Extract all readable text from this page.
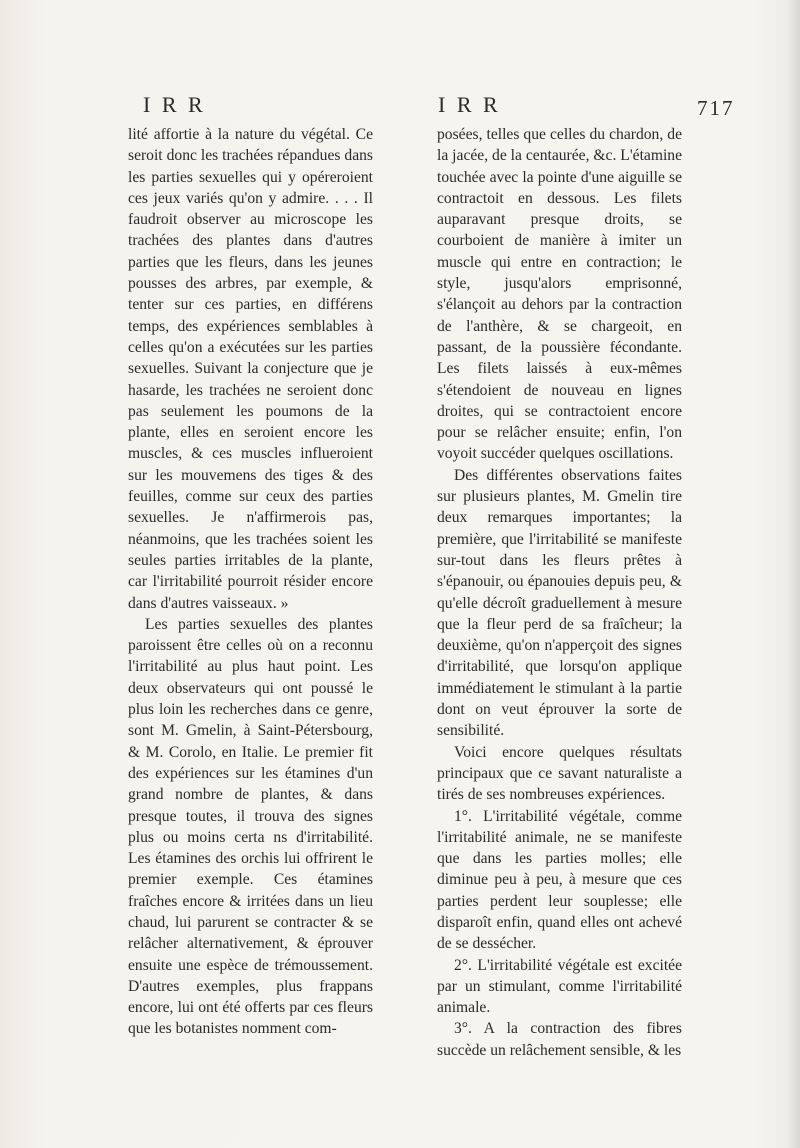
I R R	I R R	717

lité affortie à la nature du végétal. Ce seroit donc les trachées répandues dans les parties sexuelles qui y opéreroient ces jeux variés qu'on y admire. . . . Il faudroit observer au microscope les trachées des plantes dans d'autres parties que les fleurs, dans les jeunes pousses des arbres, par exemple, & tenter sur ces parties, en différens temps, des expériences semblables à celles qu'on a exécutées sur les parties sexuelles. Suivant la conjecture que je hasarde, les trachées ne seroient donc pas seulement les poumons de la plante, elles en seroient encore les muscles, & ces muscles influeroient sur les mouvemens des tiges & des feuilles, comme sur ceux des parties sexuelles. Je n'affirmerois pas, néanmoins, que les trachées soient les seules parties irritables de la plante, car l'irritabilité pourroit résider encore dans d'autres vaisseaux. »

Les parties sexuelles des plantes paroissent être celles où on a reconnu l'irritabilité au plus haut point. Les deux observateurs qui ont poussé le plus loin les recherches dans ce genre, sont M. Gmelin, à Saint-Pétersbourg, & M. Corolo, en Italie. Le premier fit des expériences sur les étamines d'un grand nombre de plantes, & dans presque toutes, il trouva des signes plus ou moins certa ns d'irritabilité. Les étamines des orchis lui offrirent le premier exemple. Ces étamines fraîches encore & irritées dans un lieu chaud, lui parurent se contracter & se relâcher alternativement, & éprouver ensuite une espèce de trémoussement. D'autres exemples, plus frappans encore, lui ont été offerts par ces fleurs que les botanistes nomment com-

posées, telles que celles du chardon, de la jacée, de la centaurée, &c. L'étamine touchée avec la pointe d'une aiguille se contractoit en dessous. Les filets auparavant presque droits, se courboient de manière à imiter un muscle qui entre en contraction; le style, jusqu'alors emprisonné, s'élançoit au dehors par la contraction de l'anthère, & se chargeoit, en passant, de la poussière fécondante. Les filets laissés à eux-mêmes s'étendoient de nouveau en lignes droites, qui se contractoient encore pour se relâcher ensuite; enfin, l'on voyoit succéder quelques oscillations.

Des différentes observations faites sur plusieurs plantes, M. Gmelin tire deux remarques importantes; la première, que l'irritabilité se manifeste sur-tout dans les fleurs prêtes à s'épanouir, ou épanouies depuis peu, & qu'elle décroît graduellement à mesure que la fleur perd de sa fraîcheur; la deuxième, qu'on n'apperçoit des signes d'irritabilité, que lorsqu'on applique immédiatement le stimulant à la partie dont on veut éprouver la sorte de sensibilité.

Voici encore quelques résultats principaux que ce savant naturaliste a tirés de ses nombreuses expériences.

1°. L'irritabilité végétale, comme l'irritabilité animale, ne se manifeste que dans les parties molles; elle diminue peu à peu, à mesure que ces parties perdent leur souplesse; elle disparoît enfin, quand elles ont achevé de se dessécher.

2°. L'irritabilité végétale est excitée par un stimulant, comme l'irritabilité animale.

3°. A la contraction des fibres succède un relâchement sensible, & les
